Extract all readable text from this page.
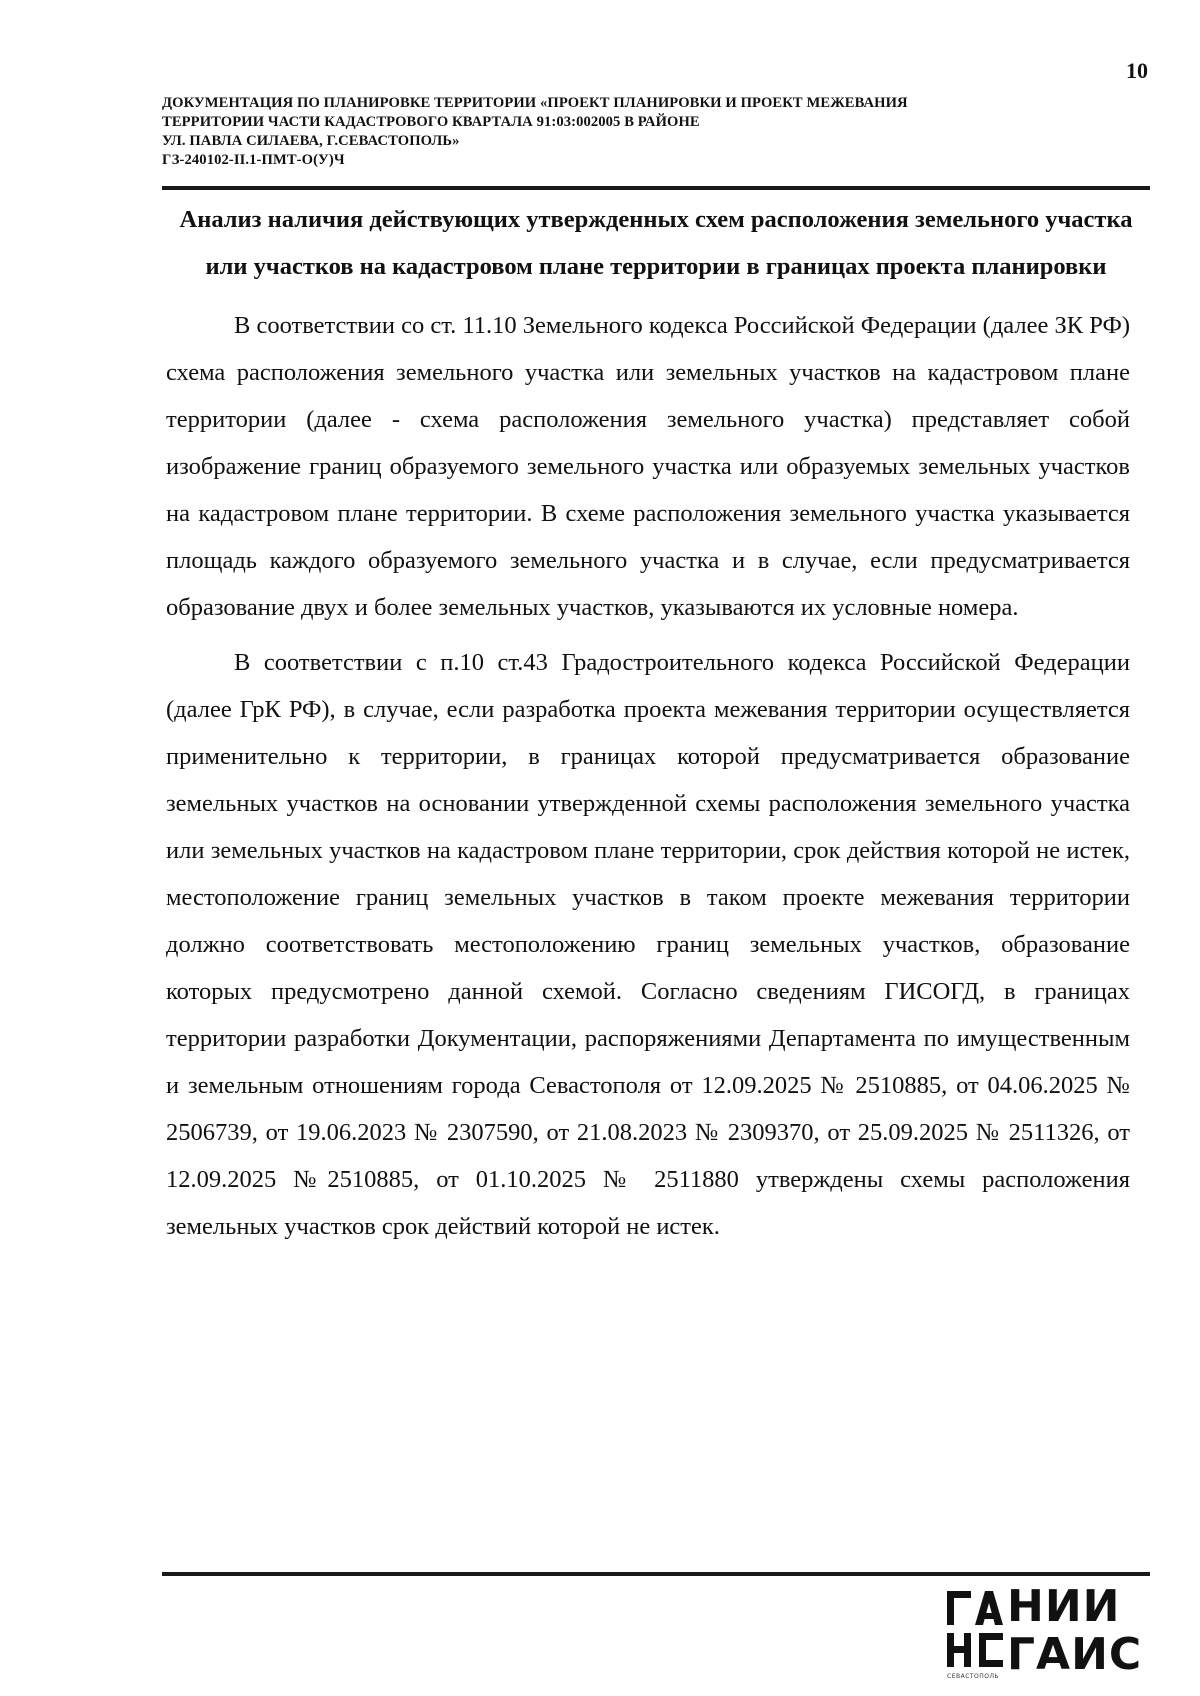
10
ДОКУМЕНТАЦИЯ ПО ПЛАНИРОВКЕ ТЕРРИТОРИИ «ПРОЕКТ ПЛАНИРОВКИ И ПРОЕКТ МЕЖЕВАНИЯ
ТЕРРИТОРИИ ЧАСТИ КАДАСТРОВОГО КВАРТАЛА 91:03:002005 В РАЙОНЕ
УЛ. ПАВЛА СИЛАЕВА, Г.СЕВАСТОПОЛЬ»
ГЗ-240102-II.1-ПМТ-О(У)Ч
Анализ наличия действующих утвержденных схем расположения земельного участка или участков на кадастровом плане территории в границах проекта планировки

В соответствии со ст. 11.10 Земельного кодекса Российской Федерации (далее ЗК РФ) схема расположения земельного участка или земельных участков на кадастровом плане территории (далее - схема расположения земельного участка) представляет собой изображение границ образуемого земельного участка или образуемых земельных участков на кадастровом плане территории. В схеме расположения земельного участка указывается площадь каждого образуемого земельного участка и в случае, если предусматривается образование двух и более земельных участков, указываются их условные номера.

В соответствии с п.10 ст.43 Градостроительного кодекса Российской Федерации (далее ГрК РФ), в случае, если разработка проекта межевания территории осуществляется применительно к территории, в границах которой предусматривается образование земельных участков на основании утвержденной схемы расположения земельного участка или земельных участков на кадастровом плане территории, срок действия которой не истек, местоположение границ земельных участков в таком проекте межевания территории должно соответствовать местоположению границ земельных участков, образование которых предусмотрено данной схемой. Согласно сведениям ГИСОГД, в границах территории разработки Документации, распоряжениями Департамента по имущественным и земельным отношениям города Севастополя от 12.09.2025 № 2510885, от 04.06.2025 № 2506739, от 19.06.2023 № 2307590, от 21.08.2023 № 2309370, от 25.09.2025 № 2511326, от 12.09.2025 №2510885, от 01.10.2025 № 2511880 утверждены схемы расположения земельных участков срок действий которой не истек.

НИИ
ГАИС
СЕВАСТОПОЛЬ
